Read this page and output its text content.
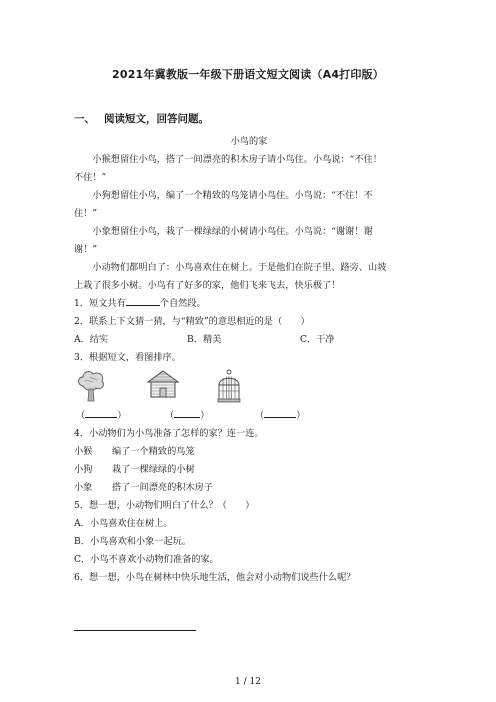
2021年冀教版一年级下册语文短文阅读（A4打印版）
一、 阅读短文，回答问题。
小鸟的家

小猴想留住小鸟，搭了一间漂亮的积木房子请小鸟住。小鸟说：“不住！

不住！”

小狗想留住小鸟，编了一个精致的鸟笼请小鸟住。小鸟说：“不住！不

住！”

小象想留住小鸟，栽了一棵绿绿的小树请小鸟住。小鸟说：“谢谢！谢

谢！”

小动物们都明白了：小鸟喜欢住在树上。于是他们在院子里、路旁、山坡

上栽了很多小树。小鸟有了好多的家，他们飞来飞去，快乐极了！

1．短文共有	个自然段。

2．联系上下文猜一猜，与“精致”的意思相近的是（　　）

A．结实	B．精美	C．干净

3．根据短文，看图排序。

（	）	（	）	（	）

4．小动物们为小鸟准备了怎样的家？连一连。

小猴	编了一个精致的鸟笼
小狗	栽了一棵绿绿的小树
小象	搭了一间漂亮的积木房子

5．想一想，小动物们明白了什么？（　　）

A．小鸟喜欢住在树上。

B．小鸟喜欢和小象一起玩。

C．小鸟不喜欢小动物们准备的家。

6．想一想，小鸟在树林中快乐地生活，他会对小动物们说些什么呢？

1 / 12
